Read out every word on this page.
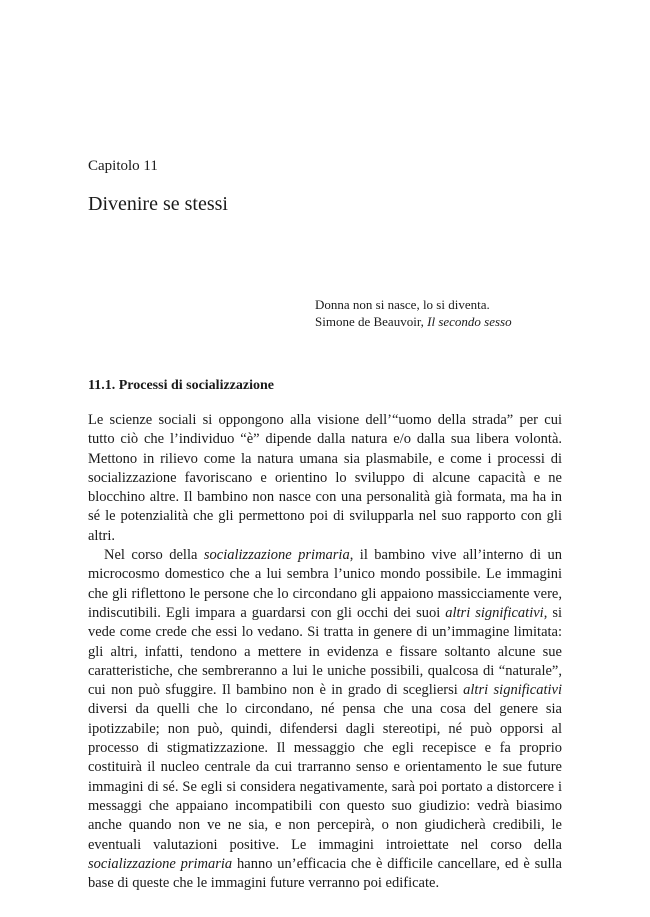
Capitolo 11
Divenire se stessi
Donna non si nasce, lo si diventa.
Simone de Beauvoir, Il secondo sesso
11.1. Processi di socializzazione

Le scienze sociali si oppongono alla visione dell’“uomo della strada” per cui tutto ciò che l’individuo “è” dipende dalla natura e/o dalla sua libera volontà. Mettono in rilievo come la natura umana sia plasmabile, e come i processi di socializzazione favoriscano e orientino lo sviluppo di alcune capacità e ne blocchino altre. Il bambino non nasce con una personalità già formata, ma ha in sé le potenzialità che gli permettono poi di svilupparla nel suo rapporto con gli altri.

Nel corso della socializzazione primaria, il bambino vive all’interno di un microcosmo domestico che a lui sembra l’unico mondo possibile. Le immagini che gli riflettono le persone che lo circondano gli appaiono massicciamente vere, indiscutibili. Egli impara a guardarsi con gli occhi dei suoi altri significativi, si vede come crede che essi lo vedano. Si tratta in genere di un’immagine limitata: gli altri, infatti, tendono a mettere in evidenza e fissare soltanto alcune sue caratteristiche, che sembreranno a lui le uniche possibili, qualcosa di “naturale”, cui non può sfuggire. Il bambino non è in grado di scegliersi altri significativi diversi da quelli che lo circondano, né pensa che una cosa del genere sia ipotizzabile; non può, quindi, difendersi dagli stereotipi, né può opporsi al processo di stigmatizzazione. Il messaggio che egli recepisce e fa proprio costituirà il nucleo centrale da cui trarranno senso e orientamento le sue future immagini di sé. Se egli si considera negativamente, sarà poi portato a distorcere i messaggi che appaiano incompatibili con questo suo giudizio: vedrà biasimo anche quando non ve ne sia, e non percepirà, o non giudicherà credibili, le eventuali valutazioni positive. Le immagini introiettate nel corso della socializzazione primaria hanno un’efficacia che è difficile cancellare, ed è sulla base di queste che le immagini future verranno poi edificate.
